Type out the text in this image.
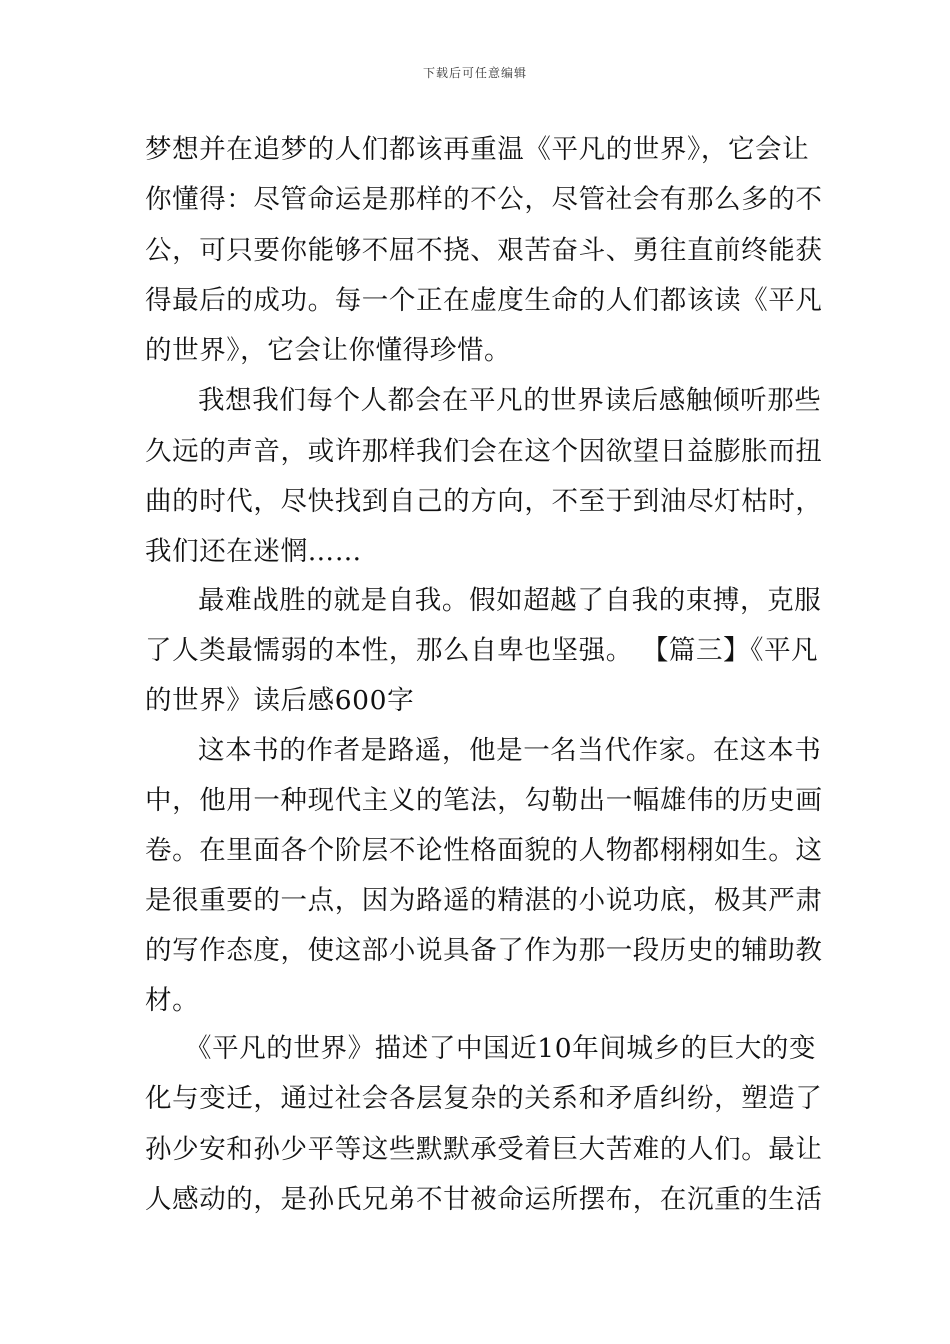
下载后可任意编辑
梦想并在追梦的人们都该再重温《平凡的世界》，它会让
你懂得：尽管命运是那样的不公，尽管社会有那么多的不
公，可只要你能够不屈不挠、艰苦奋斗、勇往直前终能获
得最后的成功。每一个正在虚度生命的人们都该读《平凡
的世界》，它会让你懂得珍惜。
我想我们每个人都会在平凡的世界读后感触倾听那些
久远的声音，或许那样我们会在这个因欲望日益膨胀而扭
曲的时代，尽快找到自己的方向，不至于到油尽灯枯时，
我们还在迷惘……
最难战胜的就是自我。假如超越了自我的束搏，克服
了人类最懦弱的本性，那么自卑也坚强。 【篇三】《平凡
的世界》读后感600字
这本书的作者是路遥，他是一名当代作家。在这本书
中，他用一种现代主义的笔法，勾勒出一幅雄伟的历史画
卷。在里面各个阶层不论性格面貌的人物都栩栩如生。这
是很重要的一点，因为路遥的精湛的小说功底，极其严肃
的写作态度，使这部小说具备了作为那一段历史的辅助教
材。
《平凡的世界》描述了中国近10年间城乡的巨大的变
化与变迁，通过社会各层复杂的关系和矛盾纠纷，塑造了
孙少安和孙少平等这些默默承受着巨大苦难的人们。最让
人感动的，是孙氏兄弟不甘被命运所摆布，在沉重的生活
